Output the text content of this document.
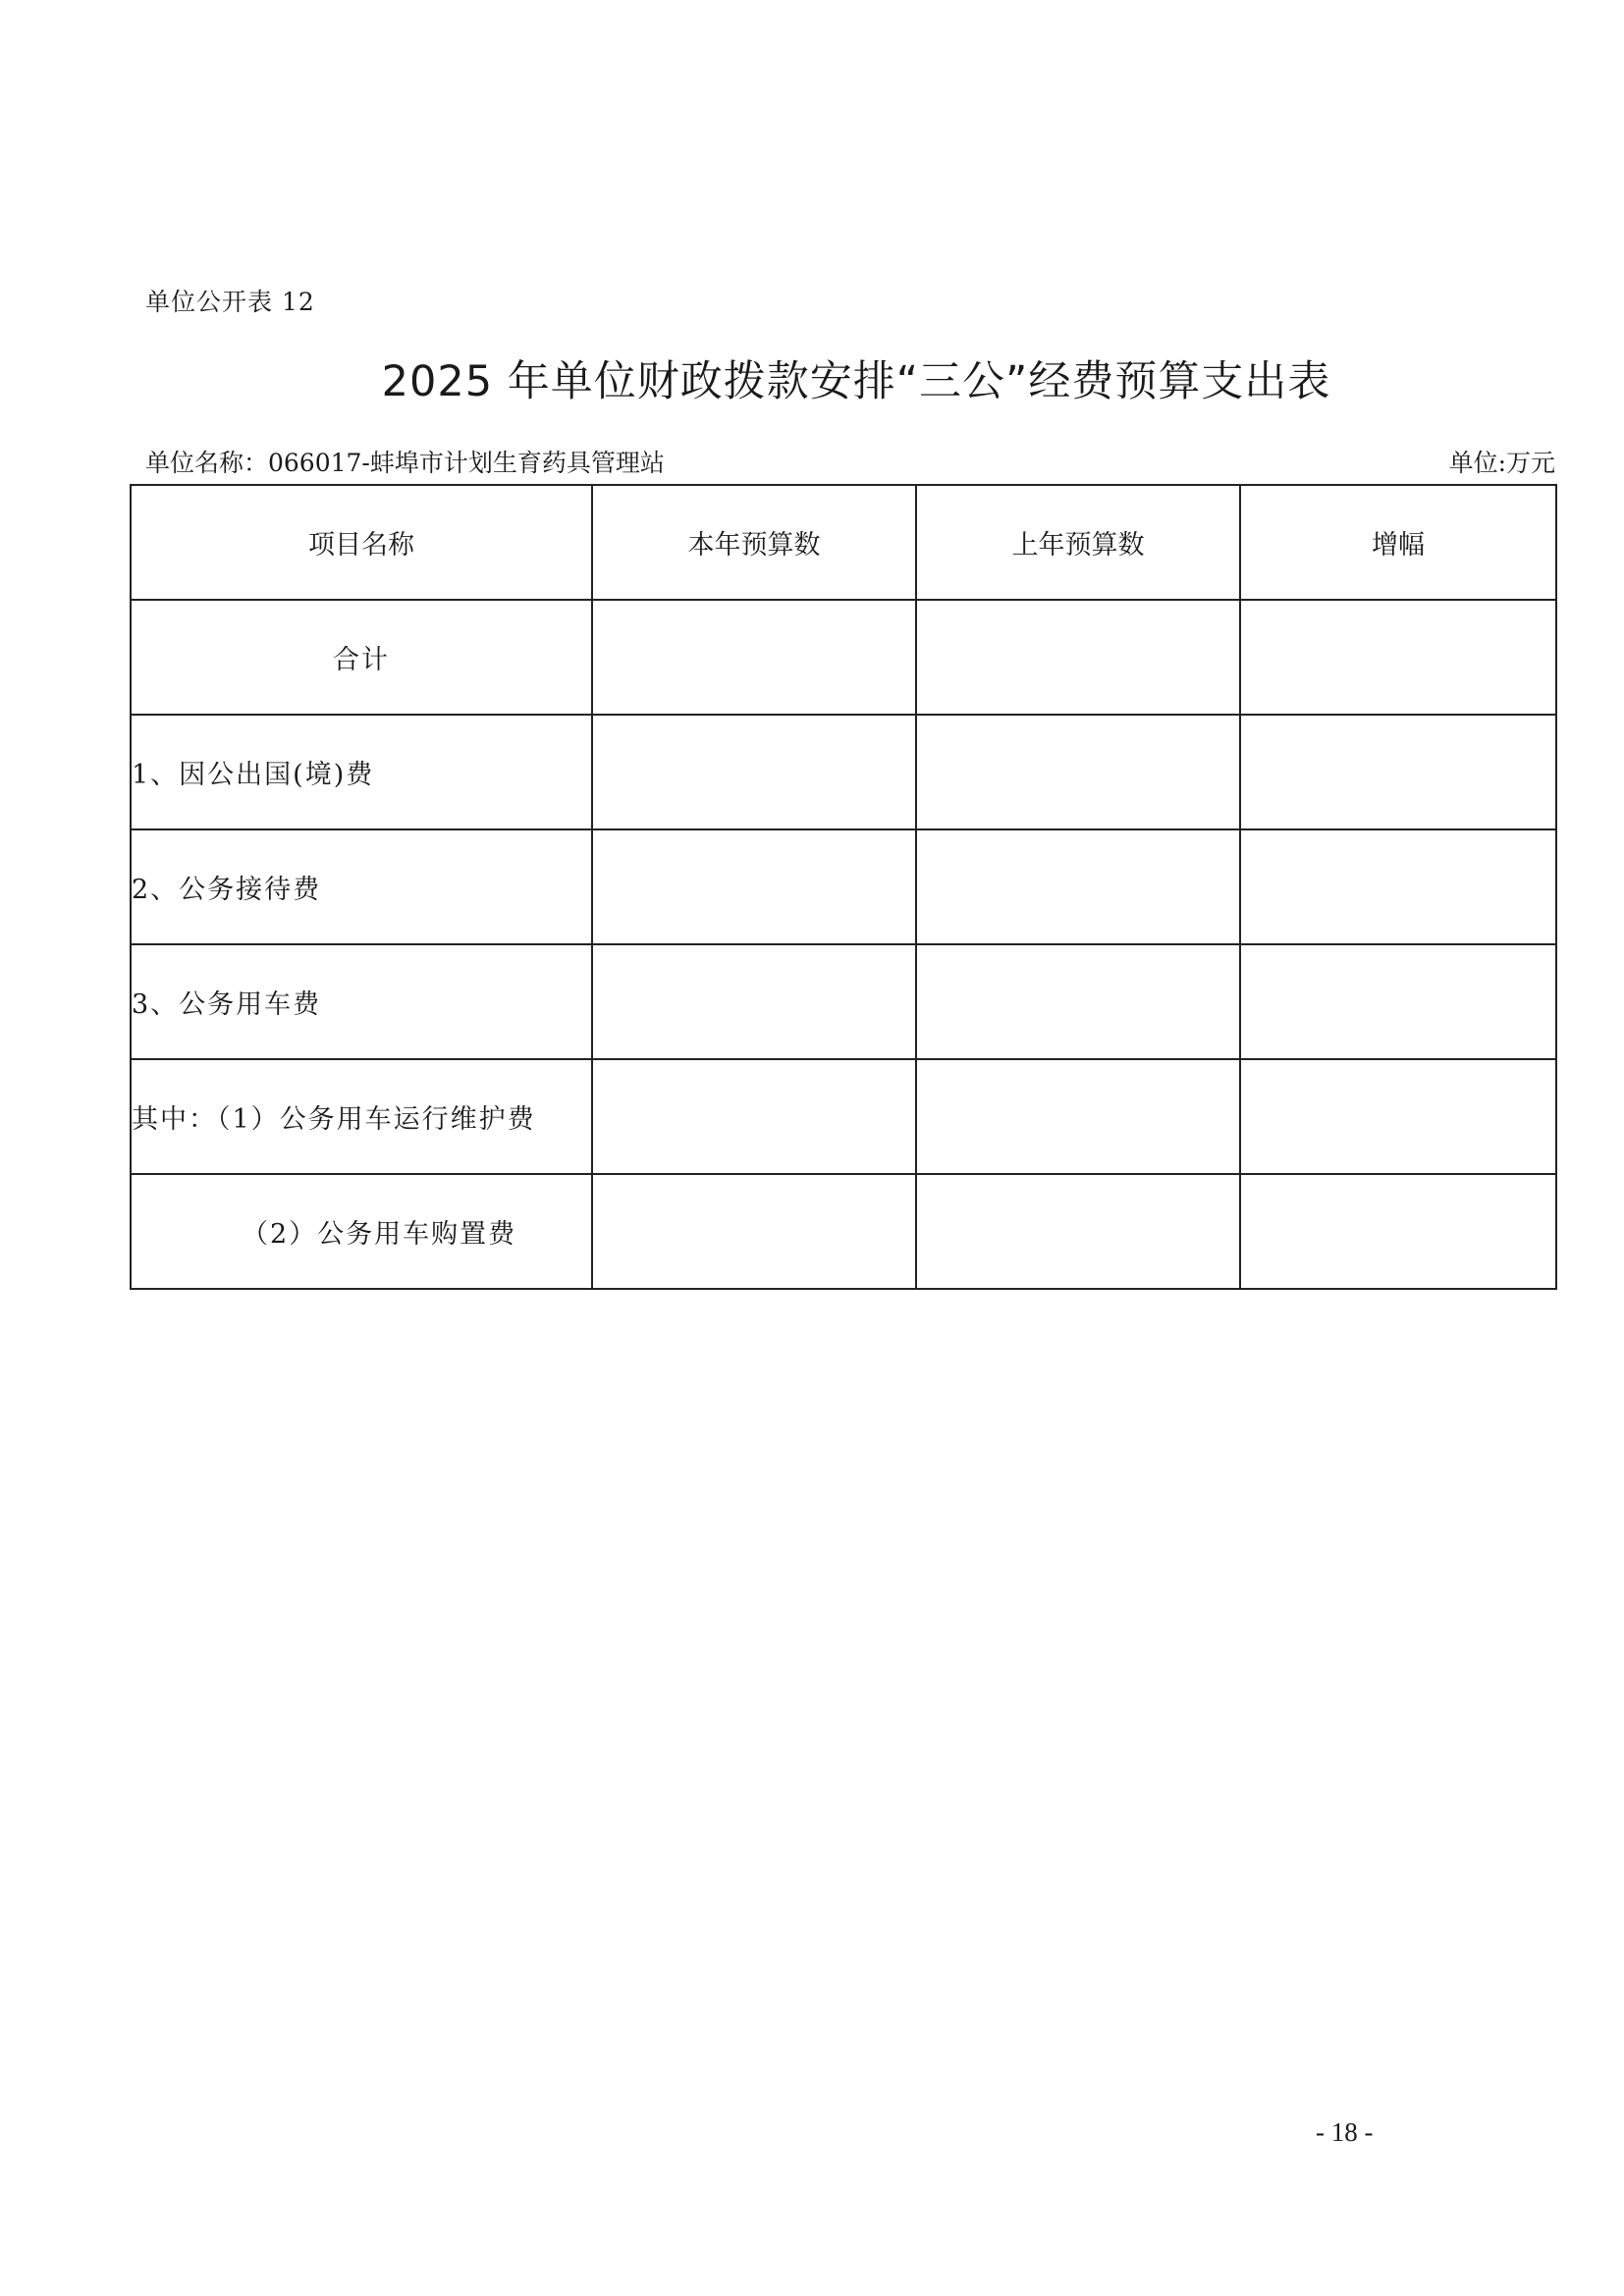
单位公开表 12
2025 年单位财政拨款安排“三公”经费预算支出表
单位名称：066017-蚌埠市计划生育药具管理站	单位:万元
项目名称	本年预算数	上年预算数	增幅
合计			
1、因公出国(境)费			
2、公务接待费			
3、公务用车费			
其中：（1）公务用车运行维护费			
（2）公务用车购置费			
- 18 -
